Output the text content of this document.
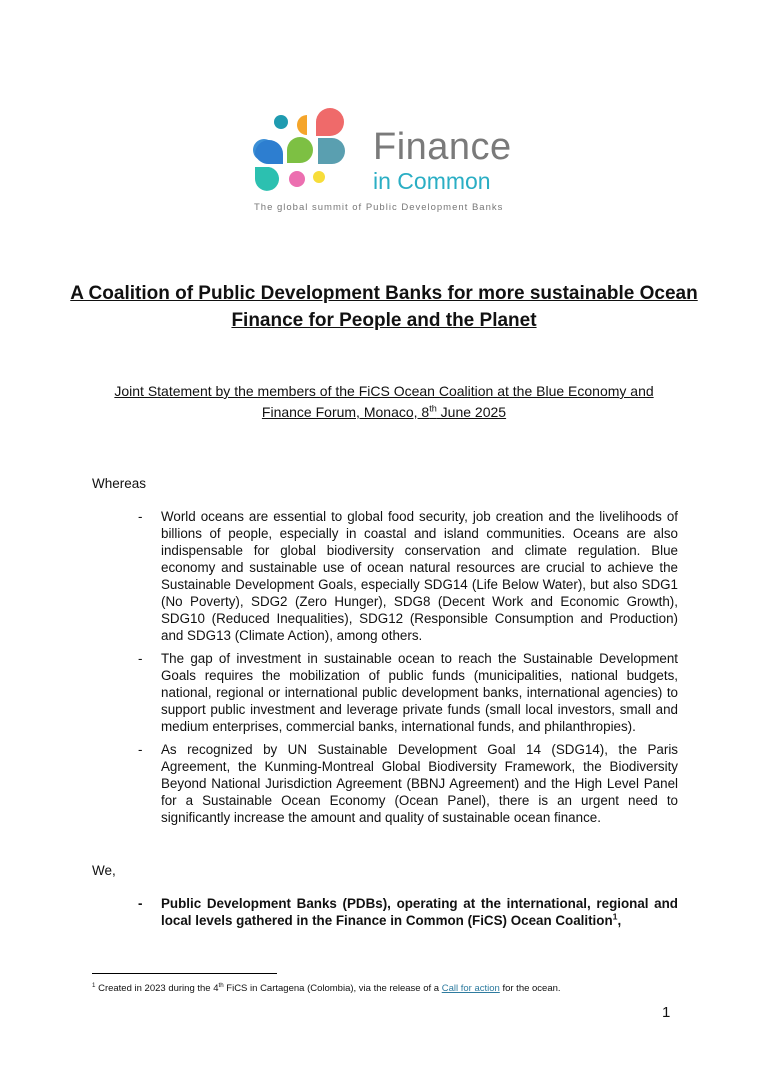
Finance
in Common
The global summit of Public Development Banks
A Coalition of Public Development Banks for more sustainable Ocean Finance for People and the Planet

Joint Statement by the members of the FiCS Ocean Coalition at the Blue Economy and Finance Forum, Monaco, 8th June 2025

Whereas

- World oceans are essential to global food security, job creation and the livelihoods of billions of people, especially in coastal and island communities. Oceans are also indispensable for global biodiversity conservation and climate regulation. Blue economy and sustainable use of ocean natural resources are crucial to achieve the Sustainable Development Goals, especially SDG14 (Life Below Water), but also SDG1 (No Poverty), SDG2 (Zero Hunger), SDG8 (Decent Work and Economic Growth), SDG10 (Reduced Inequalities), SDG12 (Responsible Consumption and Production) and SDG13 (Climate Action), among others.
- The gap of investment in sustainable ocean to reach the Sustainable Development Goals requires the mobilization of public funds (municipalities, national budgets, national, regional or international public development banks, international agencies) to support public investment and leverage private funds (small local investors, small and medium enterprises, commercial banks, international funds, and philanthropies).
- As recognized by UN Sustainable Development Goal 14 (SDG14), the Paris Agreement, the Kunming-Montreal Global Biodiversity Framework, the Biodiversity Beyond National Jurisdiction Agreement (BBNJ Agreement) and the High Level Panel for a Sustainable Ocean Economy (Ocean Panel), there is an urgent need to significantly increase the amount and quality of sustainable ocean finance.

We,

- Public Development Banks (PDBs), operating at the international, regional and local levels gathered in the Finance in Common (FiCS) Ocean Coalition$^1$,

$^1$ Created in 2023 during the 4th FiCS in Cartagena (Colombia), via the release of a Call for action for the ocean.

1
